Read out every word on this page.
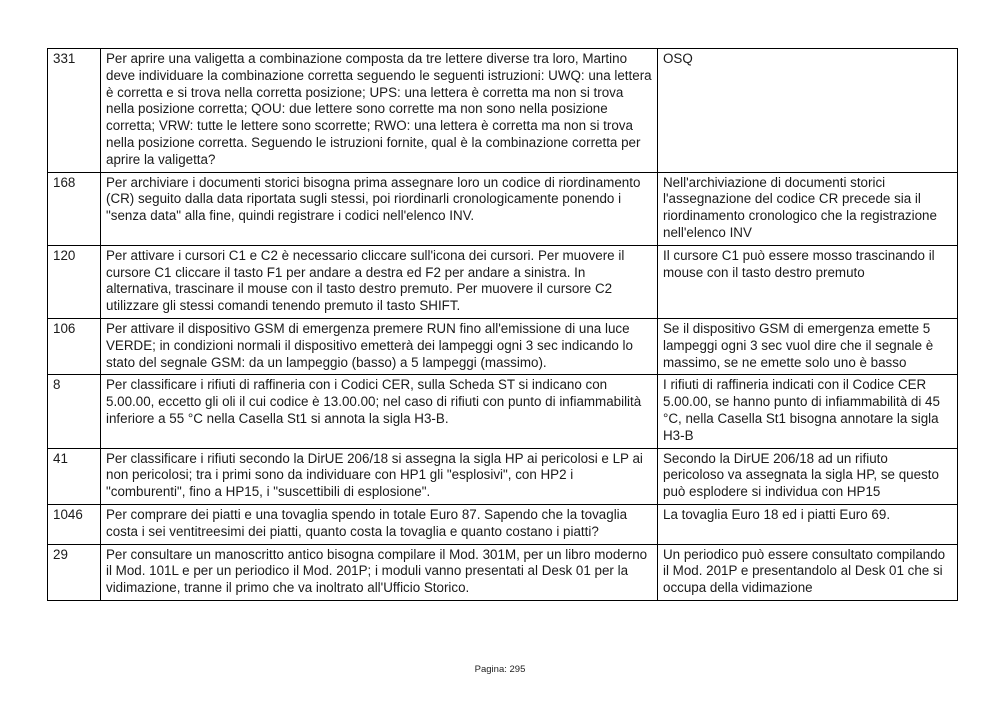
331	Per aprire una valigetta a combinazione composta da tre lettere diverse tra loro, Martino deve individuare la combinazione corretta seguendo le seguenti istruzioni: UWQ: una lettera è corretta e si trova nella corretta posizione; UPS: una lettera è corretta ma non si trova nella posizione corretta; QOU: due lettere sono corrette ma non sono nella posizione corretta; VRW: tutte le lettere sono scorrette; RWO: una lettera è corretta ma non si trova nella posizione corretta. Seguendo le istruzioni fornite, qual è la combinazione corretta per aprire la valigetta?	OSQ
168	Per archiviare i documenti storici bisogna prima assegnare loro un codice di riordinamento (CR) seguito dalla data riportata sugli stessi, poi riordinarli cronologicamente ponendo i "senza data" alla fine, quindi registrare i codici nell'elenco INV.	Nell'archiviazione di documenti storici l'assegnazione del codice CR precede sia il riordinamento cronologico che la registrazione nell'elenco INV
120	Per attivare i cursori C1 e C2 è necessario cliccare sull'icona dei cursori. Per muovere il cursore C1 cliccare il tasto F1 per andare a destra ed F2 per andare a sinistra. In alternativa, trascinare il mouse con il tasto destro premuto. Per muovere il cursore C2 utilizzare gli stessi comandi tenendo premuto il tasto SHIFT.	Il cursore C1 può essere mosso trascinando il mouse con il tasto destro premuto
106	Per attivare il dispositivo GSM di emergenza premere RUN fino all'emissione di una luce VERDE; in condizioni normali il dispositivo emetterà dei lampeggi ogni 3 sec indicando lo stato del segnale GSM: da un lampeggio (basso) a 5 lampeggi (massimo).	Se il dispositivo GSM di emergenza emette 5 lampeggi ogni 3 sec vuol dire che il segnale è massimo, se ne emette solo uno è basso
8	Per classificare i rifiuti di raffineria con i Codici CER, sulla Scheda ST si indicano con 5.00.00, eccetto gli oli il cui codice è 13.00.00; nel caso di rifiuti con punto di infiammabilità inferiore a 55 °C nella Casella St1 si annota la sigla H3-B.	I rifiuti di raffineria indicati con il Codice CER 5.00.00, se hanno punto di infiammabilità di 45 °C, nella Casella St1 bisogna annotare la sigla H3-B
41	Per classificare i rifiuti secondo la DirUE 206/18 si assegna la sigla HP ai pericolosi e LP ai non pericolosi; tra i primi sono da individuare con HP1 gli "esplosivi", con HP2 i "comburenti", fino a HP15, i "suscettibili di esplosione".	Secondo la DirUE 206/18 ad un rifiuto pericoloso va assegnata la sigla HP, se questo può esplodere si individua con HP15
1046	Per comprare dei piatti e una tovaglia spendo in totale Euro 87. Sapendo che la tovaglia costa i sei ventitreesimi dei piatti, quanto costa la tovaglia e quanto costano i piatti?	La tovaglia Euro 18 ed i piatti Euro 69.
29	Per consultare un manoscritto antico bisogna compilare il Mod. 301M, per un libro moderno il Mod. 101L e per un periodico il Mod. 201P; i moduli vanno presentati al Desk 01 per la vidimazione, tranne il primo che va inoltrato all'Ufficio Storico.	Un periodico può essere consultato compilando il Mod. 201P e presentandolo al Desk 01 che si occupa della vidimazione
Pagina: 295
